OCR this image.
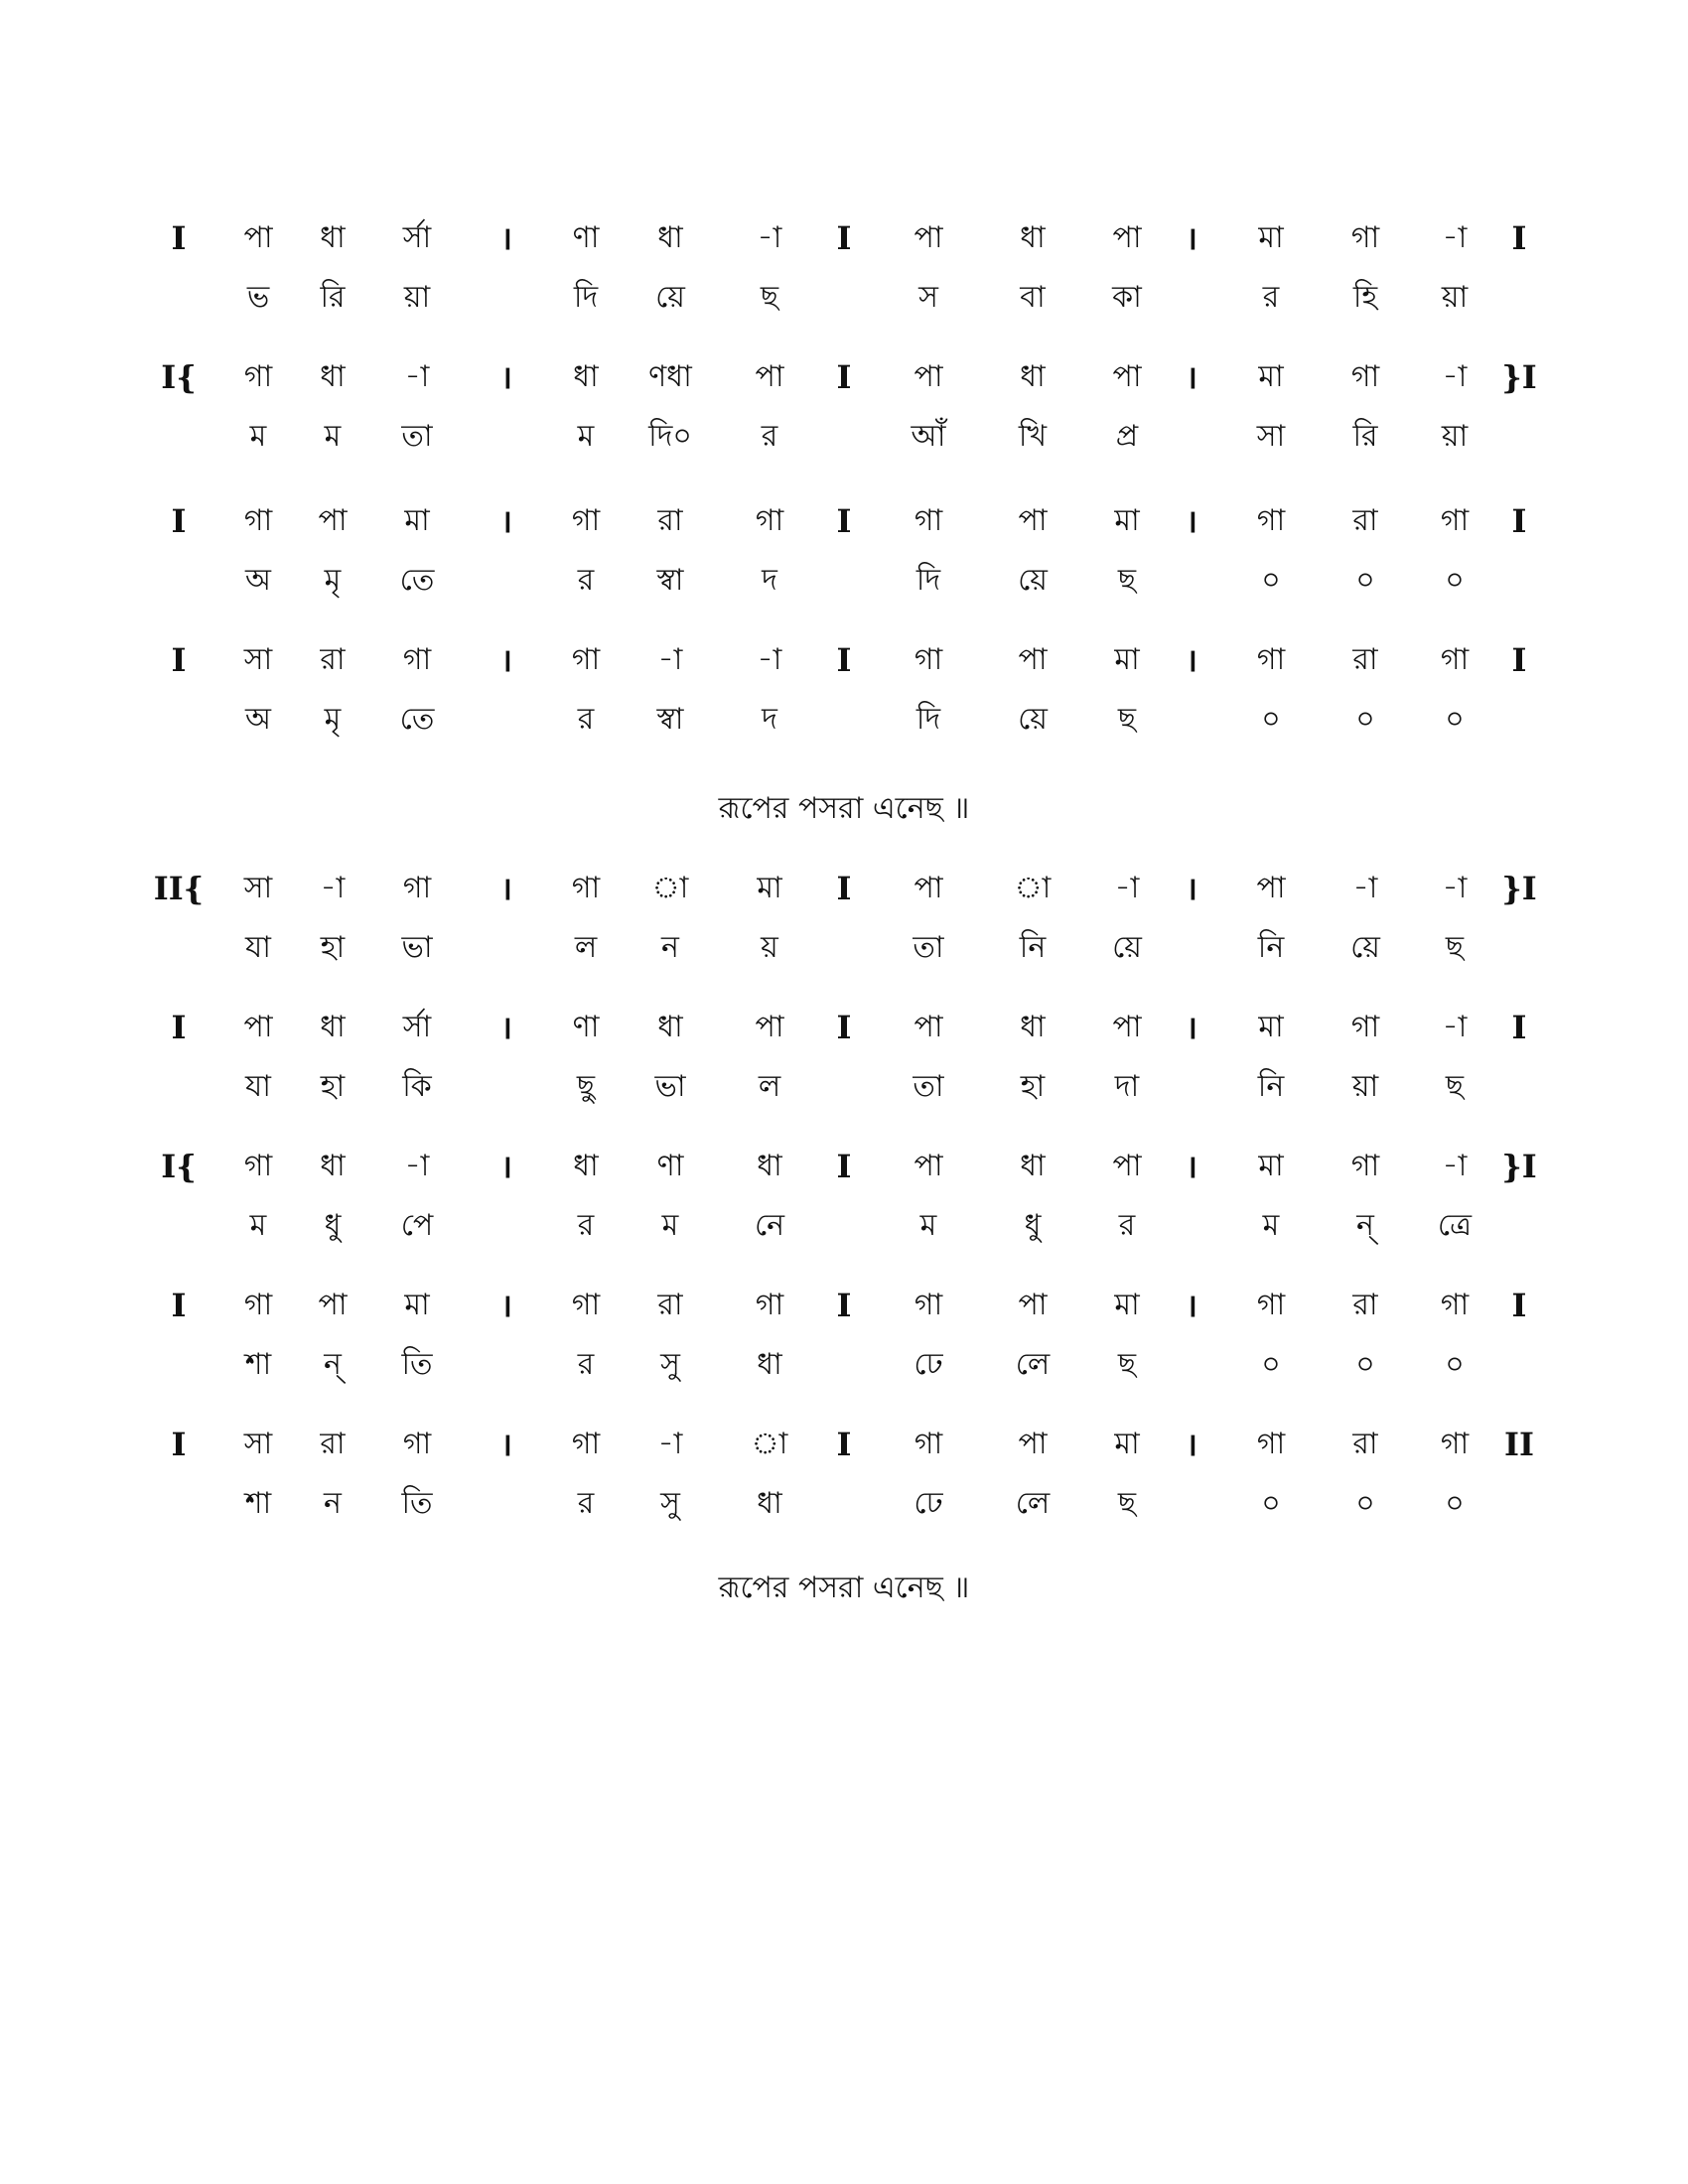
I	পা	ধা	র্সা	।	ণা	ধা	-া	I	পা	ধা	পা	।	মা	গা	-া	I
ভ	রি	য়া	দি	য়ে	ছ	স	বা	কা	র	হি	য়া
I{	গা	ধা	-া	।	ধা	ণধা	পা	I	পা	ধা	পা	।	মা	গা	-া	}I
ম	ম	তা	ম	দি০	র	আঁ	খি	প্র	সা	রি	য়া
I	গা	পা	মা	।	গা	রা	গা	I	গা	পা	মা	।	গা	রা	গা	I
অ	মৃ	তে	র	স্বা	দ	দি	য়ে	ছ	০	০	০
I	সা	রা	গা	।	গা	-া	-া	I	গা	পা	মা	।	গা	রা	গা	I
অ	মৃ	তে	র	স্বা	দ	দি	য়ে	ছ	০	০	০
II{	সা	-া	গা	।	গা	া	মা	I	পা	া	-া	।	পা	-া	-া	}I
যা	হা	ভা	ল	ন	য়	তা	নি	য়ে	নি	য়ে	ছ
I	পা	ধা	র্সা	।	ণা	ধা	পা	I	পা	ধা	পা	।	মা	গা	-া	I
যা	হা	কি	ছু	ভা	ল	তা	হা	দা	নি	য়া	ছ
I{	গা	ধা	-া	।	ধা	ণা	ধা	I	পা	ধা	পা	।	মা	গা	-া	}I
ম	ধু	পে	র	ম	নে	ম	ধু	র	ম	ন্	ত্রে
I	গা	পা	মা	।	গা	রা	গা	I	গা	পা	মা	।	গা	রা	গা	I
শা	ন্	তি	র	সু	ধা	ঢে	লে	ছ	০	০	০
I	সা	রা	গা	।	গা	-া	া	I	গা	পা	মা	।	গা	রা	গা	II
শা	ন	তি	র	সু	ধা	ঢে	লে	ছ	০	০	০
রূপের পসরা এনেছ ॥
রূপের পসরা এনেছ ॥
